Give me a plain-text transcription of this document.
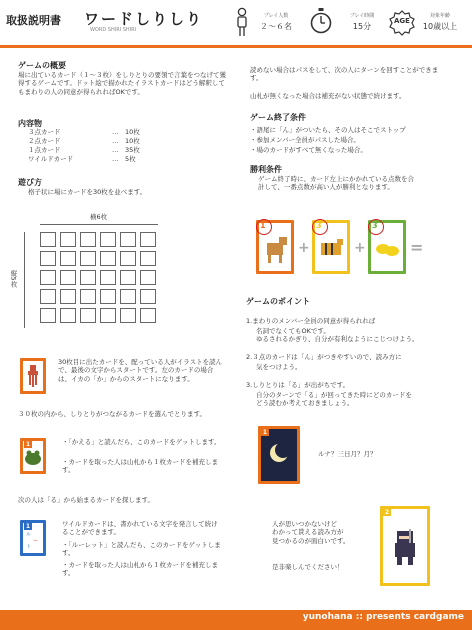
取扱説明書 ワードしりしり
WORD SHIRI SHIRI
プレイ人数
２～６名
プレイ時間
15分
AGE
対象年齢
10歳以上
ゲームの概要
場に出ているカード（１～３枚）をしりとりの要領で言葉をつなげて獲得するゲームです。ドット絵で描かれたイラストカードはどう解釈してもまわりの人の同意が得られればOKです。
内容物
３点カード	…　10枚
２点カード	…　10枚
１点カード	…　35枚
ワイルドカード	…　5枚
遊び方
格子状に場にカードを30枚を並べます。
横6枚
縦5枚
30枚目に出たカードを、配っている人がイラストを読んで、最後の文字からスタートです。左のカードの場合は、イカの「か」からのスタートになります。
３０枚の内から、しりとりがつながるカードを選んでとります。
1	・「かえる」と読んだら、このカードをゲットします。
・カードを取った人は山札から１枚カードを補充します。
次の人は「る」から始まるカードを探します。
1
ル
ー
ト
ワイルドカードは、書かれている文字を発言して続けることができます。
・「ルーレット」と読んだら、このカードをゲットします。
・カードを取った人は山札から１枚カードを補充します。
読めない場合はパスをして、次の人にターンを回すことができます。
山札が無くなった場合は補充がない状態で続けます。
ゲーム終了条件
・語尾に「ん」がついたら、その人はそこでストップ
・参加メンバー全員がパスした場合。
・場のカードがすべて無くなった場合。
勝利条件
ゲーム終了時に、カード左上にかかれている点数を合計して、一番点数が高い人が勝利となります。
1
+
3
+
3
=
ゲームのポイント
1.まわりのメンバー全員の同意が得られれば
名詞でなくてもOKです。
ゆるされるかぎり、自分が有利なようにこじつけよう。
2.３点のカードは「ん」がつきやすいので、読み方に
気をつけよう。
3.しりとりは「る」が出がちです。
自分のターンで「る」が回ってきた時にどのカードを
どう読むか考えておきましょう。
1
ルナ？三日月？月？
2
人が思いつかないけど
わかって貰える読み方が
見つかるのが面白いです。
是非楽しんでください！
yunohana :: presents cardgame
